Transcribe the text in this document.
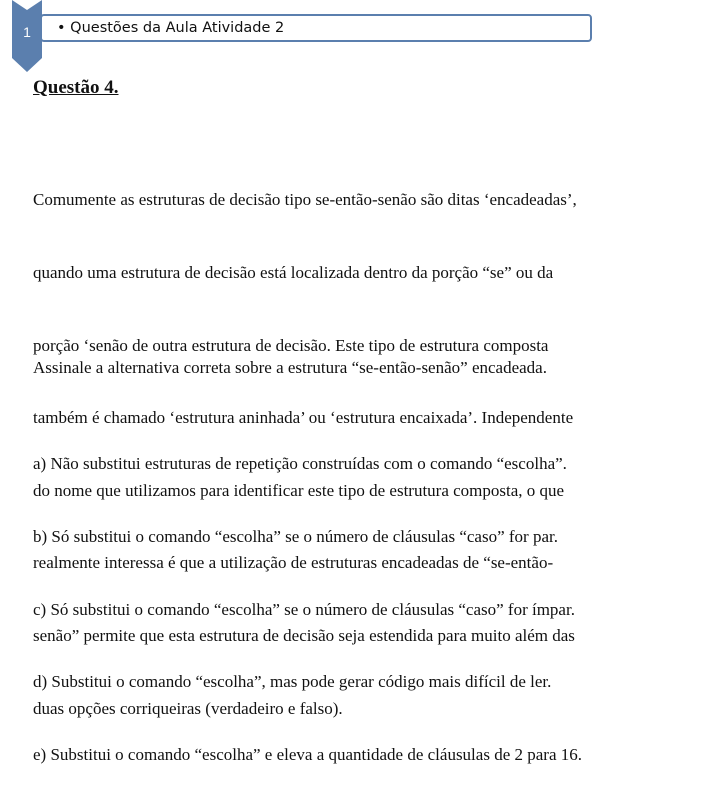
1	• Questões da Aula Atividade 2
Questão 4.

Comumente as estruturas de decisão tipo se-então-senão são ditas ‘encadeadas’,

quando uma estrutura de decisão está localizada dentro da porção “se” ou da

porção ‘senão de outra estrutura de decisão. Este tipo de estrutura composta

também é chamado ‘estrutura aninhada’ ou ‘estrutura encaixada’. Independente

do nome que utilizamos para identificar este tipo de estrutura composta, o que

realmente interessa é que a utilização de estruturas encadeadas de “se-então-

senão” permite que esta estrutura de decisão seja estendida para muito além das

duas opções corriqueiras (verdadeiro e falso).

Assinale a alternativa correta sobre a estrutura “se-então-senão” encadeada.

a) Não substitui estruturas de repetição construídas com o comando “escolha”.

b) Só substitui o comando “escolha” se o número de cláusulas “caso” for par.

c) Só substitui o comando “escolha” se o número de cláusulas “caso” for ímpar.

d) Substitui o comando “escolha”, mas pode gerar código mais difícil de ler.

e) Substitui o comando “escolha” e eleva a quantidade de cláusulas de 2 para 16.
